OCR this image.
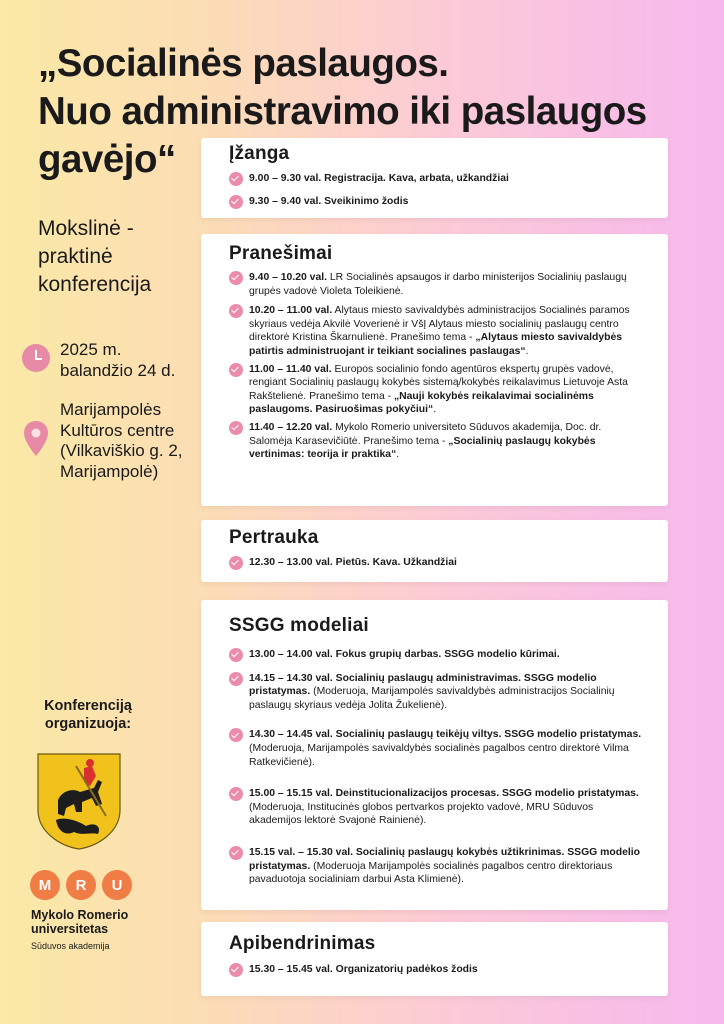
„Socialinės paslaugos.
Nuo administravimo iki paslaugos
gavėjo“

Mokslinė -
praktinė
konferencija

2025 m.
balandžio 24 d.
Marijampolės
Kultūros centre
(Vilkaviškio g. 2,
Marijampolė)
Konferenciją
organizuoja:
M	R	U
Mykolo Romerio
universitetas
Sūduvos akademija
Įžanga
9.00 – 9.30 val. Registracija. Kava, arbata, užkandžiai
9.30 – 9.40 val. Sveikinimo žodis
Pranešimai
9.40 – 10.20 val. LR Socialinės apsaugos ir darbo ministerijos Socialinių paslaugų grupės vadovė Violeta Toleikienė.
10.20 – 11.00 val. Alytaus miesto savivaldybės administracijos Socialinės paramos skyriaus vedėja Akvilė Voverienė ir VšĮ Alytaus miesto socialinių paslaugų centro direktorė Kristina Škarnulienė. Pranešimo tema - „Alytaus miesto savivaldybės patirtis administruojant ir teikiant socialines paslaugas“.
11.00 – 11.40 val. Europos socialinio fondo agentūros ekspertų grupės vadovė, rengiant Socialinių paslaugų kokybės sistemą/kokybės reikalavimus Lietuvoje Asta Rakštelienė. Pranešimo tema - „Nauji kokybės reikalavimai socialinėms paslaugoms. Pasiruošimas pokyčiui“.
11.40 – 12.20 val. Mykolo Romerio universiteto Sūduvos akademija, Doc. dr. Salomėja Karasevičiūtė. Pranešimo tema - „Socialinių paslaugų kokybės vertinimas: teorija ir praktika“.
Pertrauka
12.30 – 13.00 val. Pietūs. Kava. Užkandžiai
SSGG modeliai
13.00 – 14.00 val. Fokus grupių darbas. SSGG modelio kūrimai.
14.15 – 14.30 val. Socialinių paslaugų administravimas. SSGG modelio pristatymas. (Moderuoja, Marijampolės savivaldybės administracijos Socialinių paslaugų skyriaus vedėja Jolita Žukelienė).
14.30 – 14.45 val. Socialinių paslaugų teikėjų viltys. SSGG modelio pristatymas. (Moderuoja, Marijampolės savivaldybės socialinės pagalbos centro direktorė Vilma Ratkevičienė).
15.00 – 15.15 val. Deinstitucionalizacijos procesas. SSGG modelio pristatymas. (Moderuoja, Institucinės globos pertvarkos projekto vadovė, MRU Sūduvos akademijos lektorė Svajonė Rainienė).
15.15 val. – 15.30 val. Socialinių paslaugų kokybės užtikrinimas. SSGG modelio pristatymas. (Moderuoja Marijampolės socialinės pagalbos centro direktoriaus pavaduotoja socialiniam darbui Asta Klimienė).
Apibendrinimas
15.30 – 15.45 val. Organizatorių padėkos žodis
